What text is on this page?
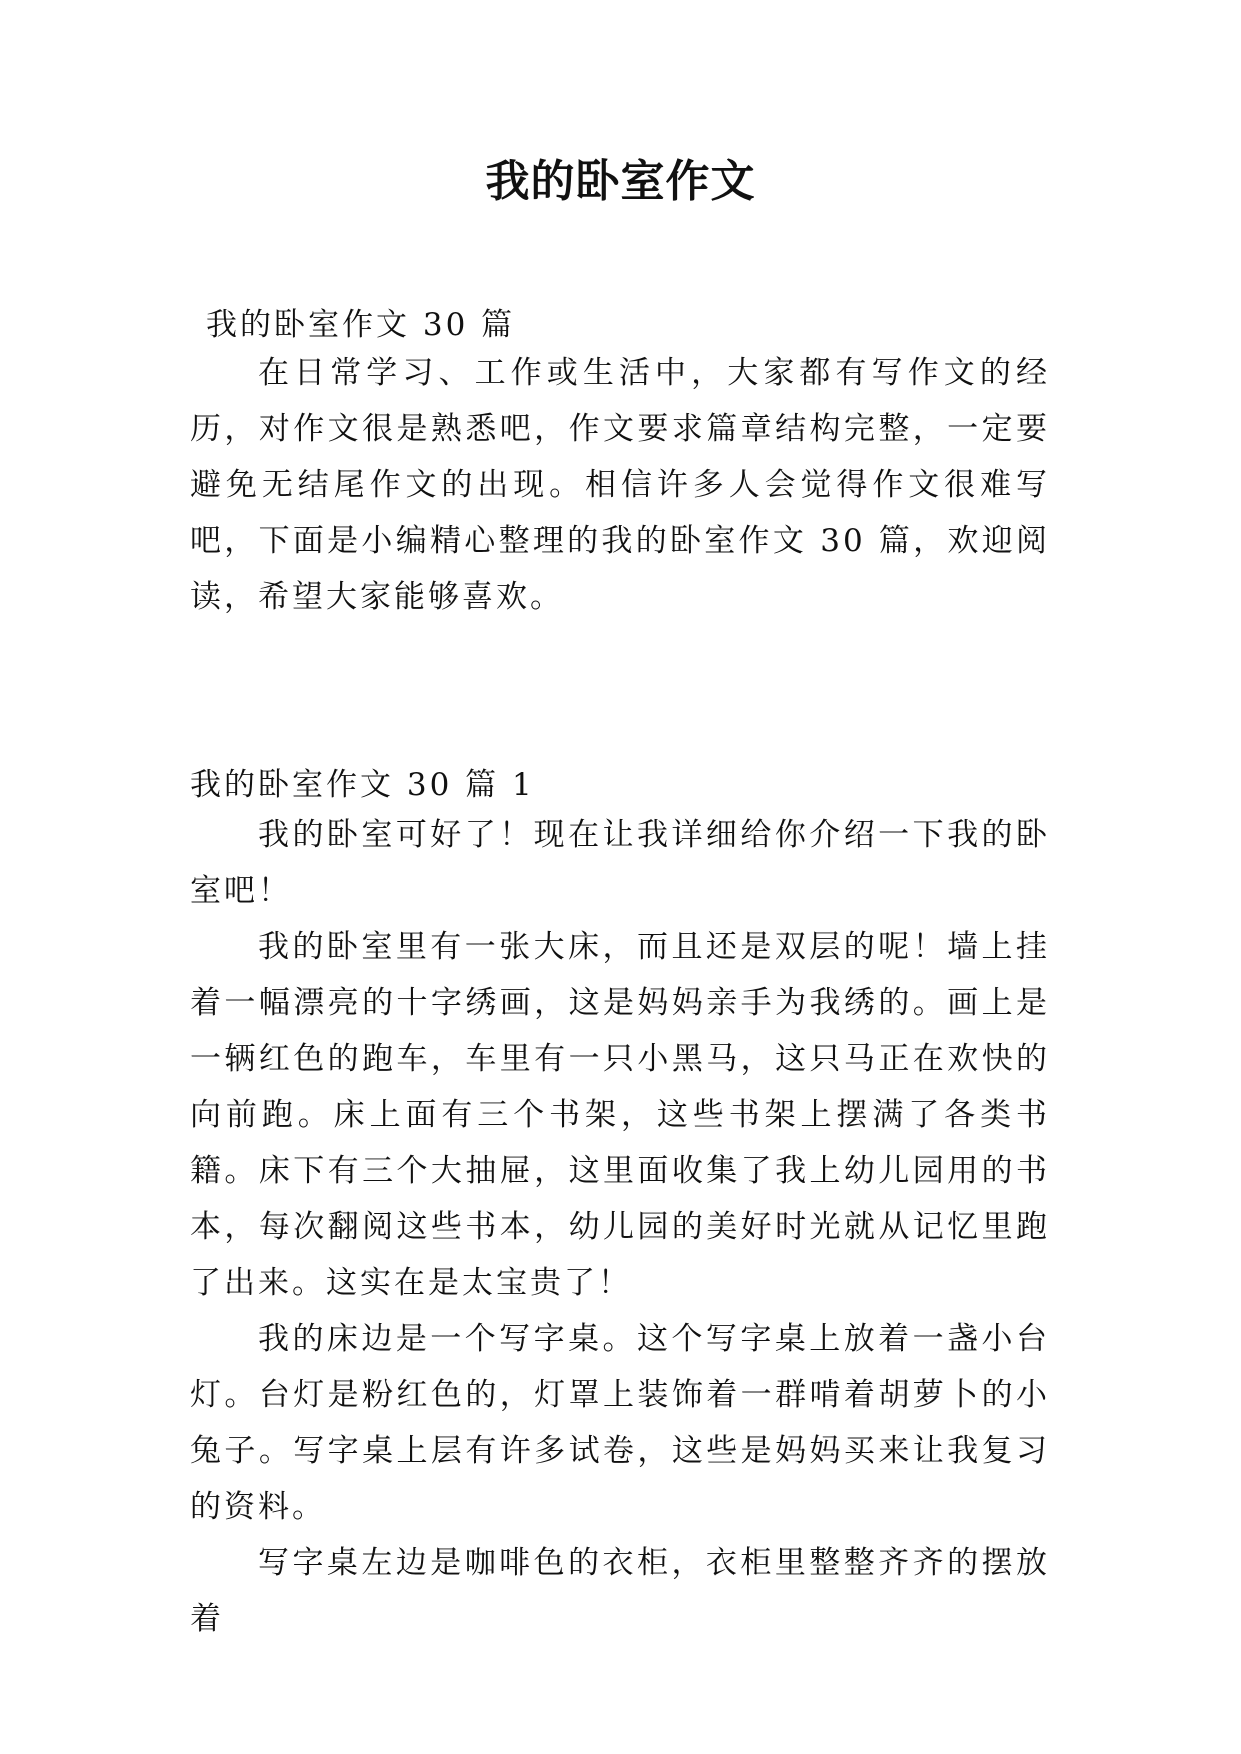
我的卧室作文

我的卧室作文 30 篇

在日常学习、工作或生活中，大家都有写作文的经历，对作文很是熟悉吧，作文要求篇章结构完整，一定要避免无结尾作文的出现。相信许多人会觉得作文很难写吧，下面是小编精心整理的我的卧室作文 30 篇，欢迎阅读，希望大家能够喜欢。

我的卧室作文 30 篇 1

我的卧室可好了！现在让我详细给你介绍一下我的卧室吧！

我的卧室里有一张大床，而且还是双层的呢！墙上挂着一幅漂亮的十字绣画，这是妈妈亲手为我绣的。画上是一辆红色的跑车，车里有一只小黑马，这只马正在欢快的向前跑。床上面有三个书架，这些书架上摆满了各类书籍。床下有三个大抽屉，这里面收集了我上幼儿园用的书本，每次翻阅这些书本，幼儿园的美好时光就从记忆里跑了出来。这实在是太宝贵了！

我的床边是一个写字桌。这个写字桌上放着一盏小台灯。台灯是粉红色的，灯罩上装饰着一群啃着胡萝卜的小兔子。写字桌上层有许多试卷，这些是妈妈买来让我复习的资料。

写字桌左边是咖啡色的衣柜，衣柜里整整齐齐的摆放着
